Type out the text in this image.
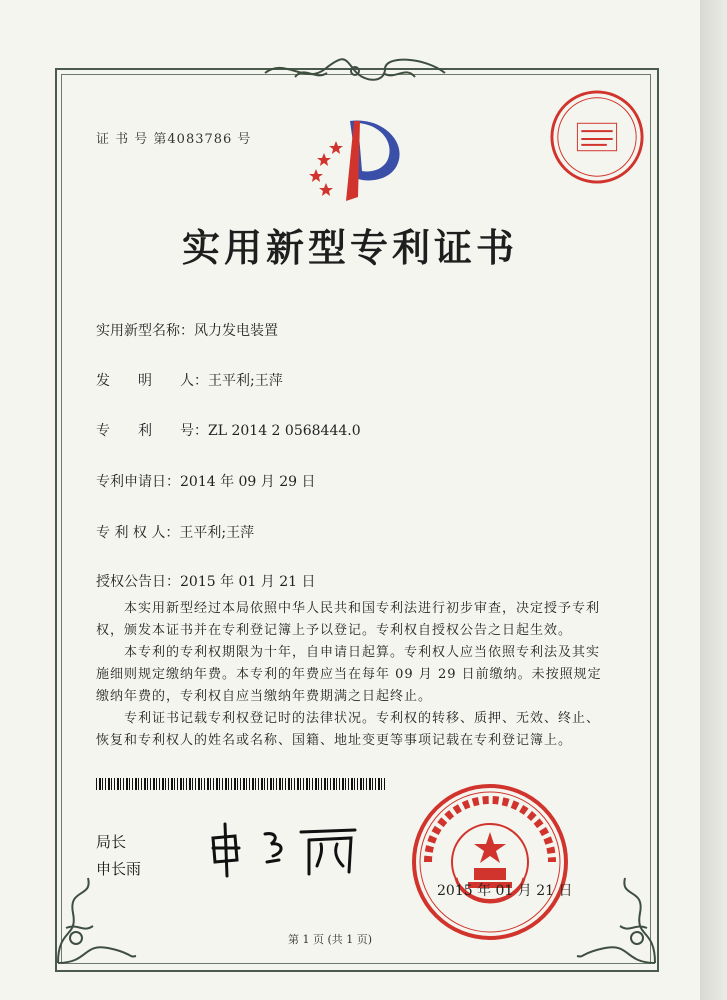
证 书 号 第4083786 号
实用新型专利证书
实用新型名称：风力发电装置
发　　明　　人：王平利;王萍
专　　利　　号：ZL 2014 2 0568444.0
专利申请日：2014 年 09 月 29 日
专 利 权 人：王平利;王萍
授权公告日：2015 年 01 月 21 日

本实用新型经过本局依照中华人民共和国专利法进行初步审查，决定授予专利权，颁发本证书并在专利登记簿上予以登记。专利权自授权公告之日起生效。

本专利的专利权期限为十年，自申请日起算。专利权人应当依照专利法及其实施细则规定缴纳年费。本专利的年费应当在每年 09 月 29 日前缴纳。未按照规定缴纳年费的，专利权自应当缴纳年费期满之日起终止。

专利证书记载专利权登记时的法律状况。专利权的转移、质押、无效、终止、恢复和专利权人的姓名或名称、国籍、地址变更等事项记载在专利登记簿上。

局长
申长雨
2015 年 01 月 21 日
第 1 页 (共 1 页)
